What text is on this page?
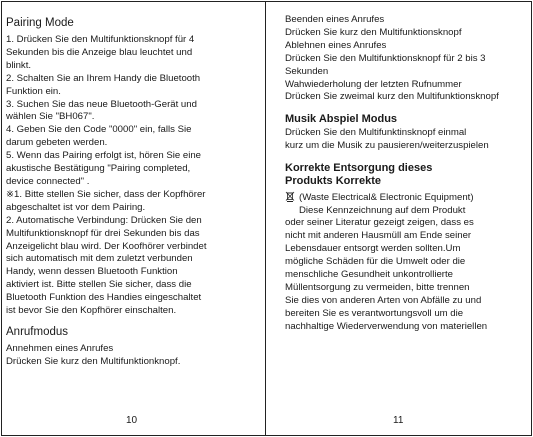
Pairing Mode
1. Drücken Sie den Multifunktionsknopf für 4
Sekunden bis die Anzeige blau leuchtet und
blinkt.
2. Schalten Sie an Ihrem Handy die Bluetooth
Funktion ein.
3. Suchen Sie das neue Bluetooth-Gerät und
wählen Sie "BH067".
4. Geben Sie den Code "0000" ein, falls Sie
darum gebeten werden.
5. Wenn das Pairing erfolgt ist, hören Sie eine
akustische Bestätigung "Pairing completed,
device connected" .
※1. Bitte stellen Sie sicher, dass der Kopfhörer
abgeschaltet ist vor dem Pairing.
2. Automatische Verbindung: Drücken Sie den
Multifunktionsknopf für drei Sekunden bis das
Anzeigelicht blau wird. Der Koofhörer verbindet
sich automatisch mit dem zuletzt verbunden
Handy, wenn dessen Bluetooth Funktion
aktiviert ist. Bitte stellen Sie sicher, dass die
Bluetooth Funktion des Handies eingeschaltet
ist bevor Sie den Kopfhörer einschalten.
Anrufmodus
Annehmen eines Anrufes
Drücken Sie kurz den Multifunktionknopf.
10
Beenden eines Anrufes
Drücken Sie kurz den Multifunktionsknopf
Ablehnen eines Anrufes
Drücken Sie den Multifunktionsknopf für 2 bis 3
Sekunden
Wahwiederholung der letzten Rufnummer
Drücken Sie zweimal kurz den Multifunktionsknopf
Musik Abspiel Modus
Drücken Sie den Multifunktinsknopf einmal
kurz um die Musik zu pausieren/weiterzuspielen
Korrekte Entsorgung dieses
Produkts Korrekte
(Waste Electrical& Electronic Equipment)
Diese Kennzeichnung auf dem Produkt
oder seiner Literatur gezeigt zeigen, dass es
nicht mit anderen Hausmüll am Ende seiner
Lebensdauer entsorgt werden sollten.Um
mögliche Schäden für die Umwelt oder die
menschliche Gesundheit unkontrollierte
Müllentsorgung zu vermeiden, bitte trennen
Sie dies von anderen Arten von Abfälle zu und
bereiten Sie es verantwortungsvoll um die
nachhaltige Wiederverwendung von materiellen
11
